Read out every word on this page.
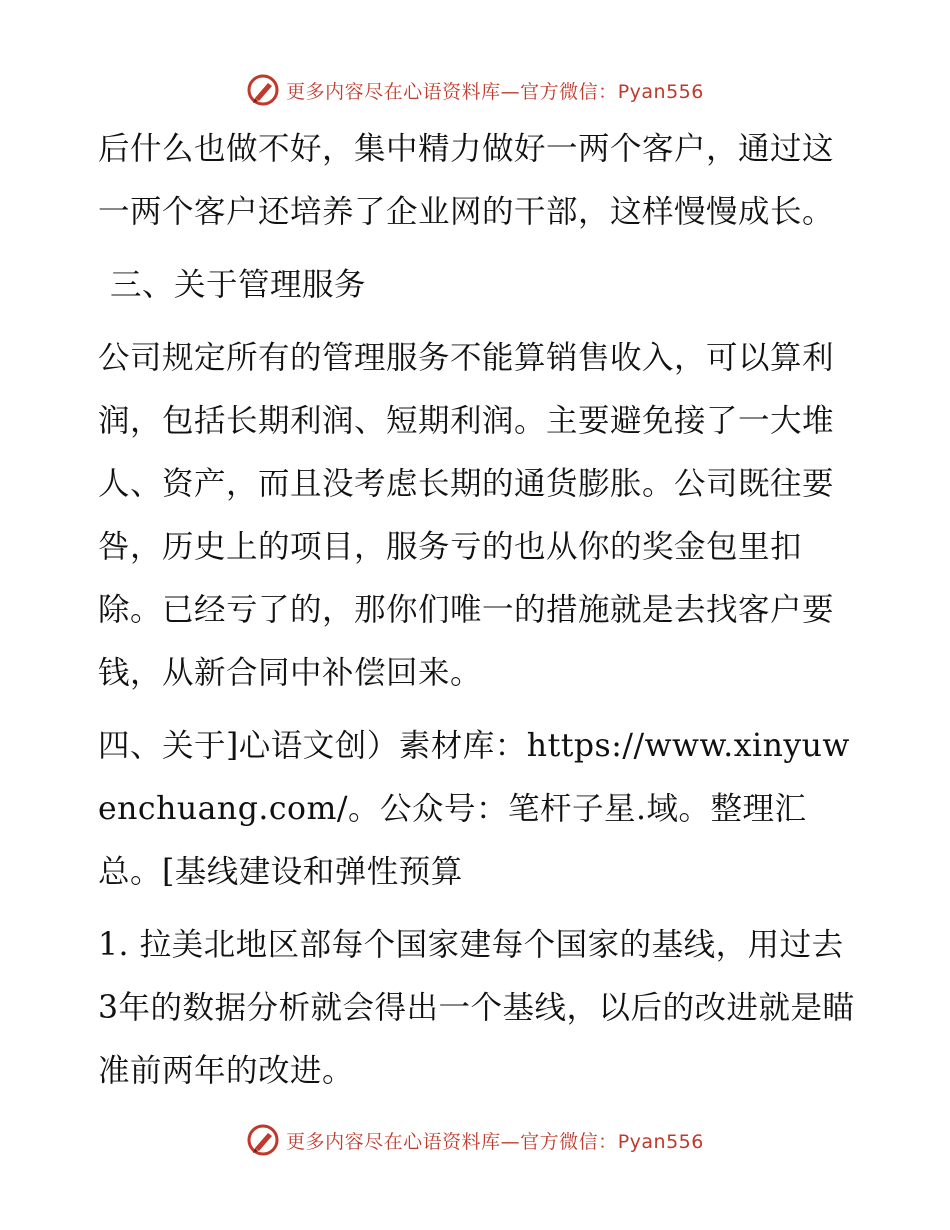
更多内容尽在心语资料库—官方微信：Pyan556

后什么也做不好，集中精力做好一两个客户，通过这一两个客户还培养了企业网的干部，这样慢慢成长。

三、关于管理服务

公司规定所有的管理服务不能算销售收入，可以算利润，包括长期利润、短期利润。主要避免接了一大堆人、资产，而且没考虑长期的通货膨胀。公司既往要咎，历史上的项目，服务亏的也从你的奖金包里扣除。已经亏了的，那你们唯一的措施就是去找客户要钱，从新合同中补偿回来。

四、关于]心语文创）素材库：https://www.xinyuwenchuang.com/。公众号：笔杆子星.域。整理汇总。[基线建设和弹性预算

1. 拉美北地区部每个国家建每个国家的基线，用过去3年的数据分析就会得出一个基线，以后的改进就是瞄准前两年的改进。

更多内容尽在心语资料库—官方微信：Pyan556
